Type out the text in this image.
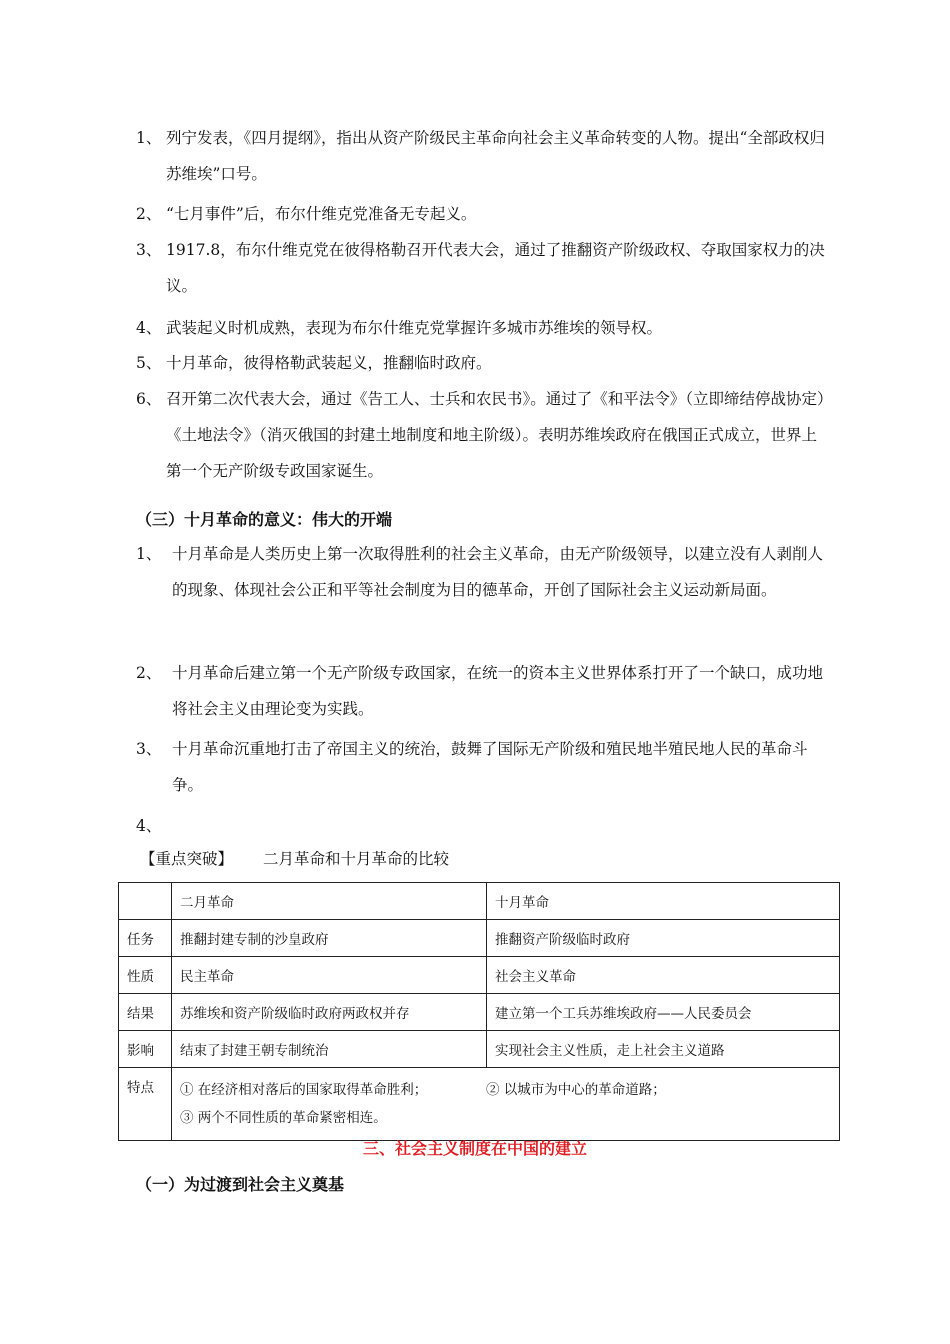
1、 列宁发表，《四月提纲》，指出从资产阶级民主革命向社会主义革命转变的人物。提出“全部政权归苏维埃”口号。
2、 “七月事件”后，布尔什维克党准备无专起义。
3、 1917.8，布尔什维克党在彼得格勒召开代表大会，通过了推翻资产阶级政权、夺取国家权力的决议。
4、 武装起义时机成熟，表现为布尔什维克党掌握许多城市苏维埃的领导权。
5、 十月革命，彼得格勒武装起义，推翻临时政府。
6、 召开第二次代表大会，通过《告工人、士兵和农民书》。通过了《和平法令》（立即缔结停战协定）《土地法令》（消灭俄国的封建土地制度和地主阶级）。表明苏维埃政府在俄国正式成立，世界上第一个无产阶级专政国家诞生。
（三）十月革命的意义：伟大的开端
1、 十月革命是人类历史上第一次取得胜利的社会主义革命，由无产阶级领导，以建立没有人剥削人的现象、体现社会公正和平等社会制度为目的德革命，开创了国际社会主义运动新局面。
2、 十月革命后建立第一个无产阶级专政国家，在统一的资本主义世界体系打开了一个缺口，成功地将社会主义由理论变为实践。
3、 十月革命沉重地打击了帝国主义的统治，鼓舞了国际无产阶级和殖民地半殖民地人民的革命斗争。
4、
【重点突破】 二月革命和十月革命的比较
	二月革命	十月革命
任务	推翻封建专制的沙皇政府	推翻资产阶级临时政府
性质	民主革命	社会主义革命
结果	苏维埃和资产阶级临时政府两政权并存	建立第一个工兵苏维埃政府——人民委员会
影响	结束了封建王朝专制统治	实现社会主义性质，走上社会主义道路
特点	① 在经济相对落后的国家取得革命胜利； ② 以城市为中心的革命道路；
③ 两个不同性质的革命紧密相连。	
三、社会主义制度在中国的建立
（一）为过渡到社会主义奠基
